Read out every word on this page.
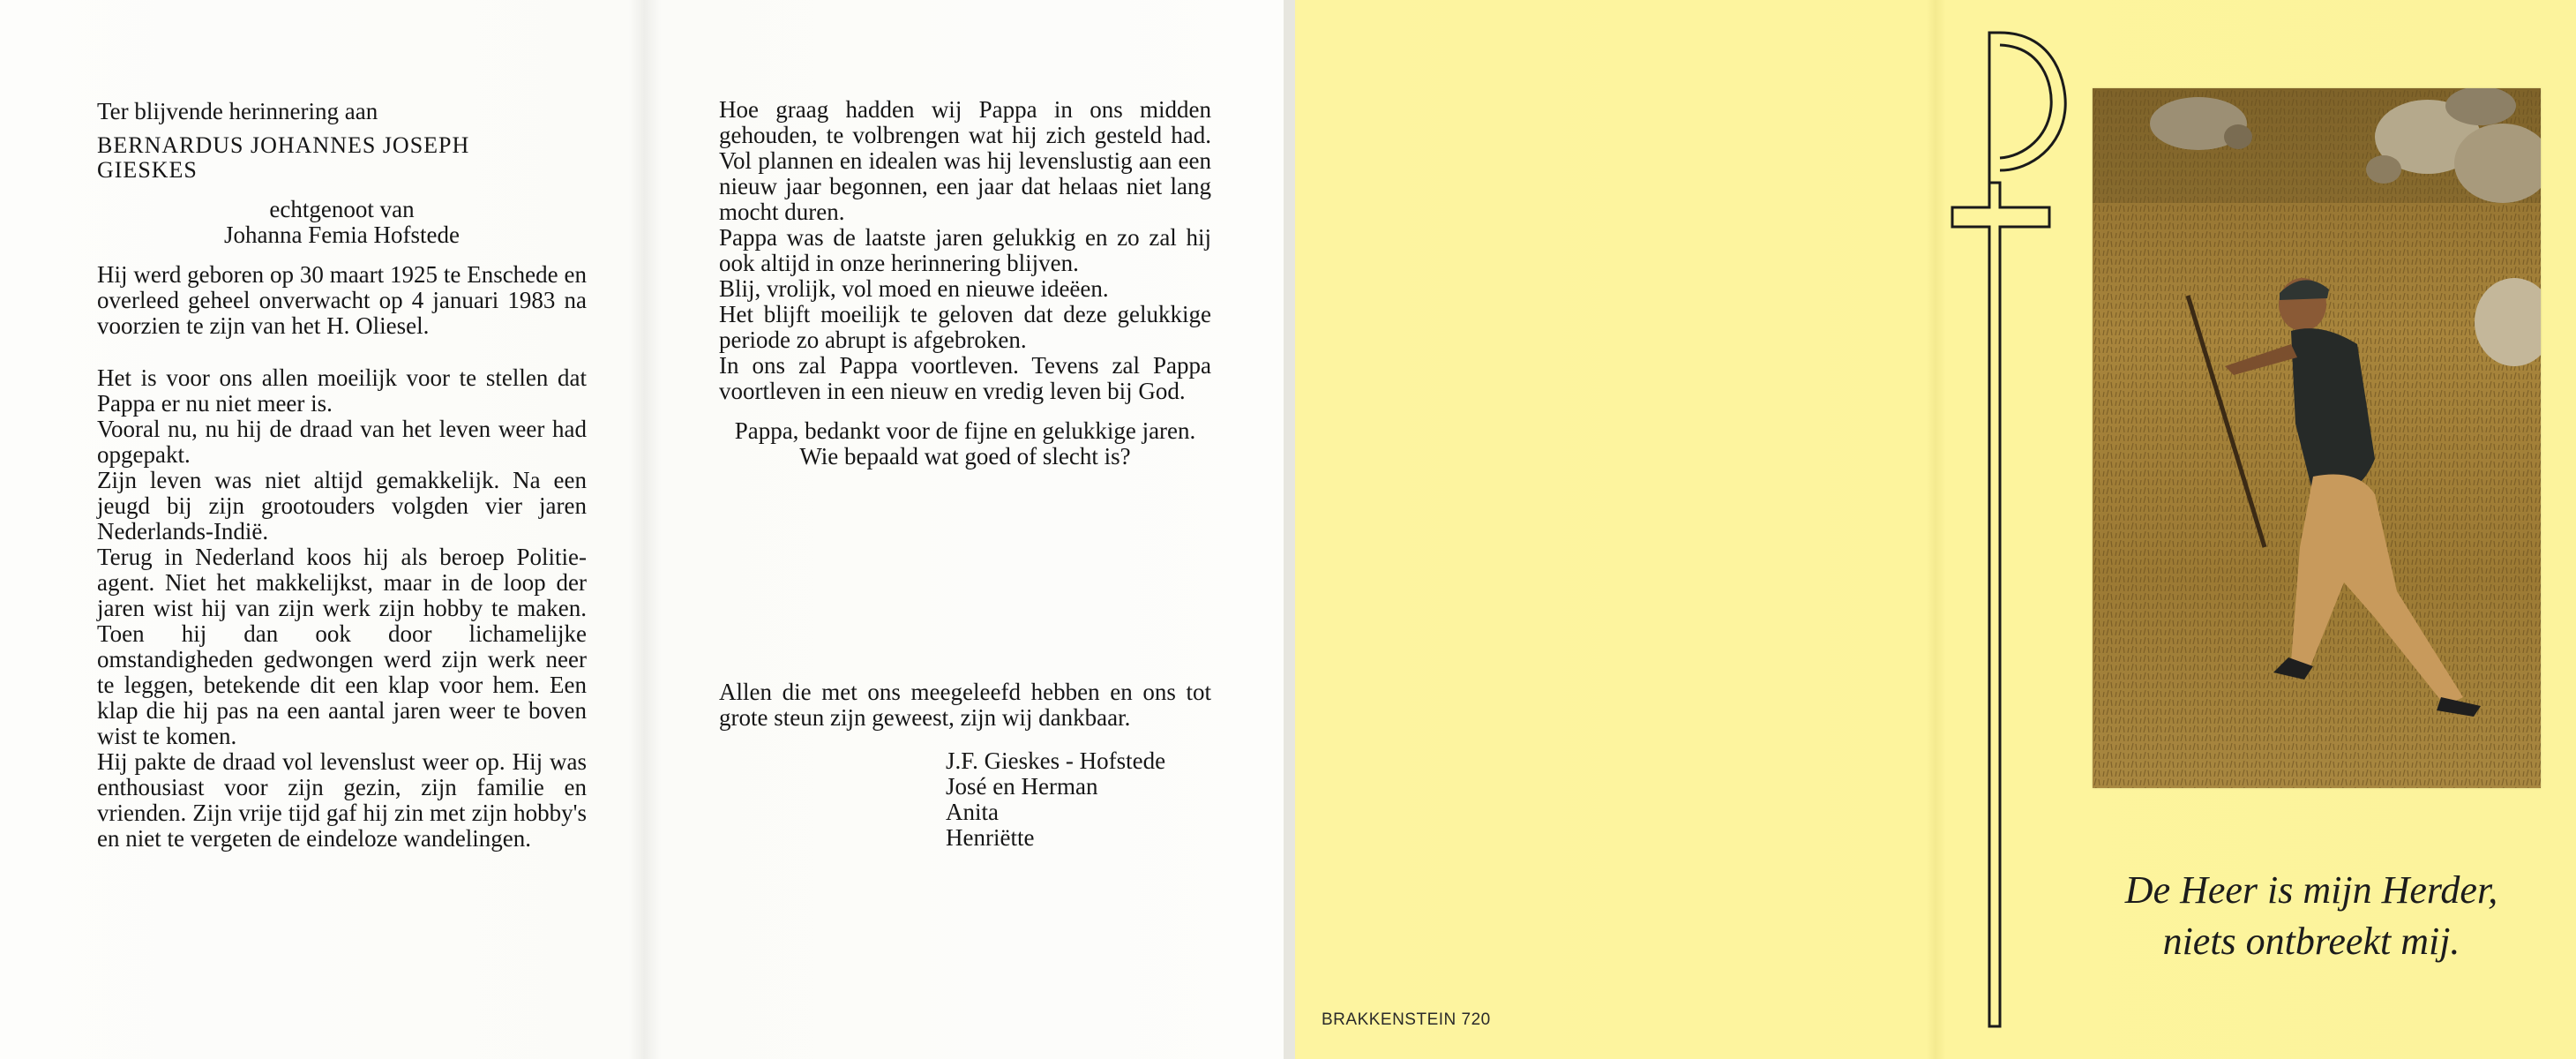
Ter blijvende herinnering aan

BERNARDUS JOHANNES JOSEPH

GIESKES

echtgenoot van

Johanna Femia Hofstede

Hij werd geboren op 30 maart 1925 te Enschede en overleed geheel onverwacht op 4 januari 1983 na voorzien te zijn van het H. Oliesel.

Het is voor ons allen moeilijk voor te stellen dat Pappa er nu niet meer is.

Vooral nu, nu hij de draad van het leven weer had opgepakt.

Zijn leven was niet altijd gemakkelijk. Na een jeugd bij zijn grootouders volgden vier jaren Nederlands-Indië.

Terug in Nederland koos hij als beroep Politie-agent. Niet het makkelijkst, maar in de loop der jaren wist hij van zijn werk zijn hobby te maken. Toen hij dan ook door lichamelijke omstandigheden gedwongen werd zijn werk neer te leggen, betekende dit een klap voor hem. Een klap die hij pas na een aantal jaren weer te boven wist te komen.

Hij pakte de draad vol levenslust weer op. Hij was enthousiast voor zijn gezin, zijn familie en vrienden. Zijn vrije tijd gaf hij zin met zijn hobby's en niet te vergeten de eindeloze wandelingen.

Hoe graag hadden wij Pappa in ons midden gehouden, te volbrengen wat hij zich gesteld had. Vol plannen en idealen was hij levenslustig aan een nieuw jaar begonnen, een jaar dat helaas niet lang mocht duren.

Pappa was de laatste jaren gelukkig en zo zal hij ook altijd in onze herinnering blijven.

Blij, vrolijk, vol moed en nieuwe ideëen.

Het blijft moeilijk te geloven dat deze gelukkige periode zo abrupt is afgebroken.

In ons zal Pappa voortleven. Tevens zal Pappa voortleven in een nieuw en vredig leven bij God.

Pappa, bedankt voor de fijne en gelukkige jaren.

Wie bepaald wat goed of slecht is?

Allen die met ons meegeleefd hebben en ons tot grote steun zijn geweest, zijn wij dankbaar.

J.F. Gieskes - Hofstede

José en Herman

Anita

Henriëtte

BRAKKENSTEIN 720
De Heer is mijn Herder,
niets ontbreekt mij.
